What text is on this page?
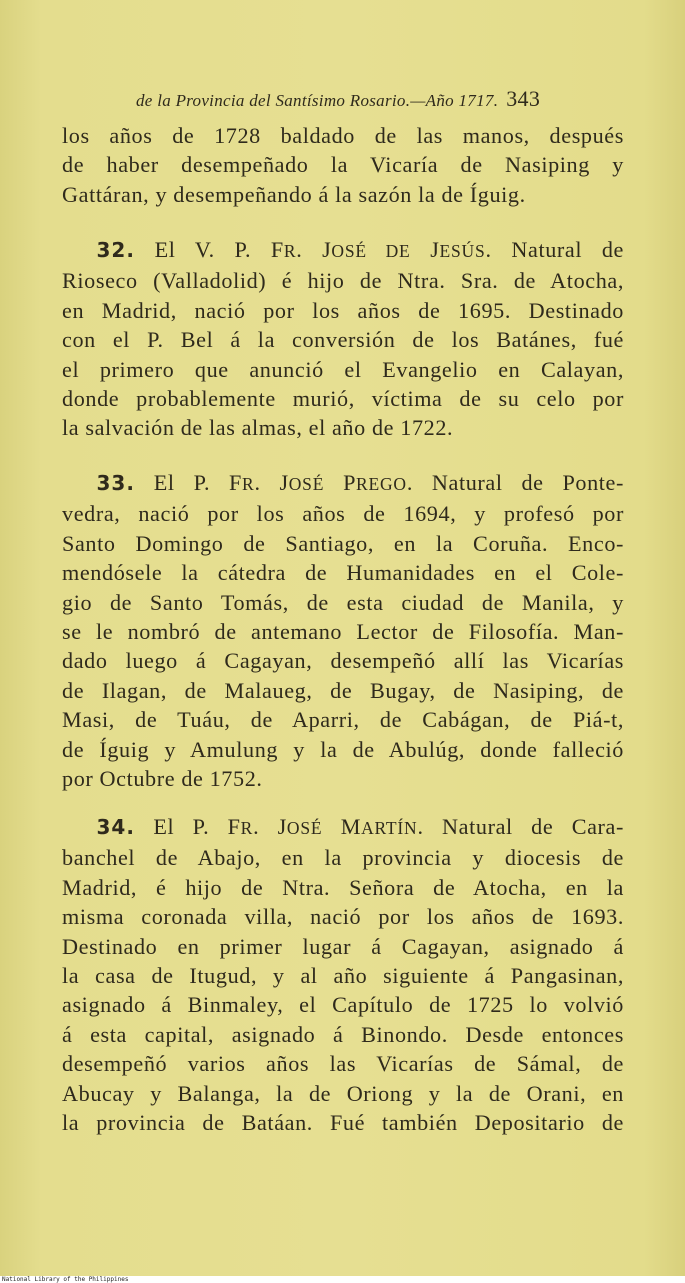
de la Provincia del Santísimo Rosario.—Año 1717. 343
los años de 1728 baldado de las manos, después
de haber desempeñado la Vicaría de Nasiping y
Gattáran, y desempeñando á la sazón la de Íguig.
  32. El V. P. FR. JOSÉ DE JESÚS. Natural de
Rioseco (Valladolid) é hijo de Ntra. Sra. de Atocha,
en Madrid, nació por los años de 1695. Destinado
con el P. Bel á la conversión de los Batánes, fué
el primero que anunció el Evangelio en Calayan,
donde probablemente murió, víctima de su celo por
la salvación de las almas, el año de 1722.
  33. El P. FR. JOSÉ PREGO. Natural de Ponte-
vedra, nació por los años de 1694, y profesó por
Santo Domingo de Santiago, en la Coruña. Enco-
mendósele la cátedra de Humanidades en el Cole-
gio de Santo Tomás, de esta ciudad de Manila, y
se le nombró de antemano Lector de Filosofía. Man-
dado luego á Cagayan, desempeñó allí las Vicarías
de Ilagan, de Malaueg, de Bugay, de Nasiping, de
Masi, de Tuáu, de Aparri, de Cabágan, de Piá-t,
de Íguig y Amulung y la de Abulúg, donde falleció
por Octubre de 1752.
  34. El P. FR. JOSÉ MARTÍN. Natural de Cara-
banchel de Abajo, en la provincia y diocesis de
Madrid, é hijo de Ntra. Señora de Atocha, en la
misma coronada villa, nació por los años de 1693.
Destinado en primer lugar á Cagayan, asignado á
la casa de Itugud, y al año siguiente á Pangasinan,
asignado á Binmaley, el Capítulo de 1725 lo volvió
á esta capital, asignado á Binondo. Desde entonces
desempeñó varios años las Vicarías de Sámal, de
Abucay y Balanga, la de Oriong y la de Orani, en
la provincia de Batáan. Fué también Depositario de
National Library of the Philippines
